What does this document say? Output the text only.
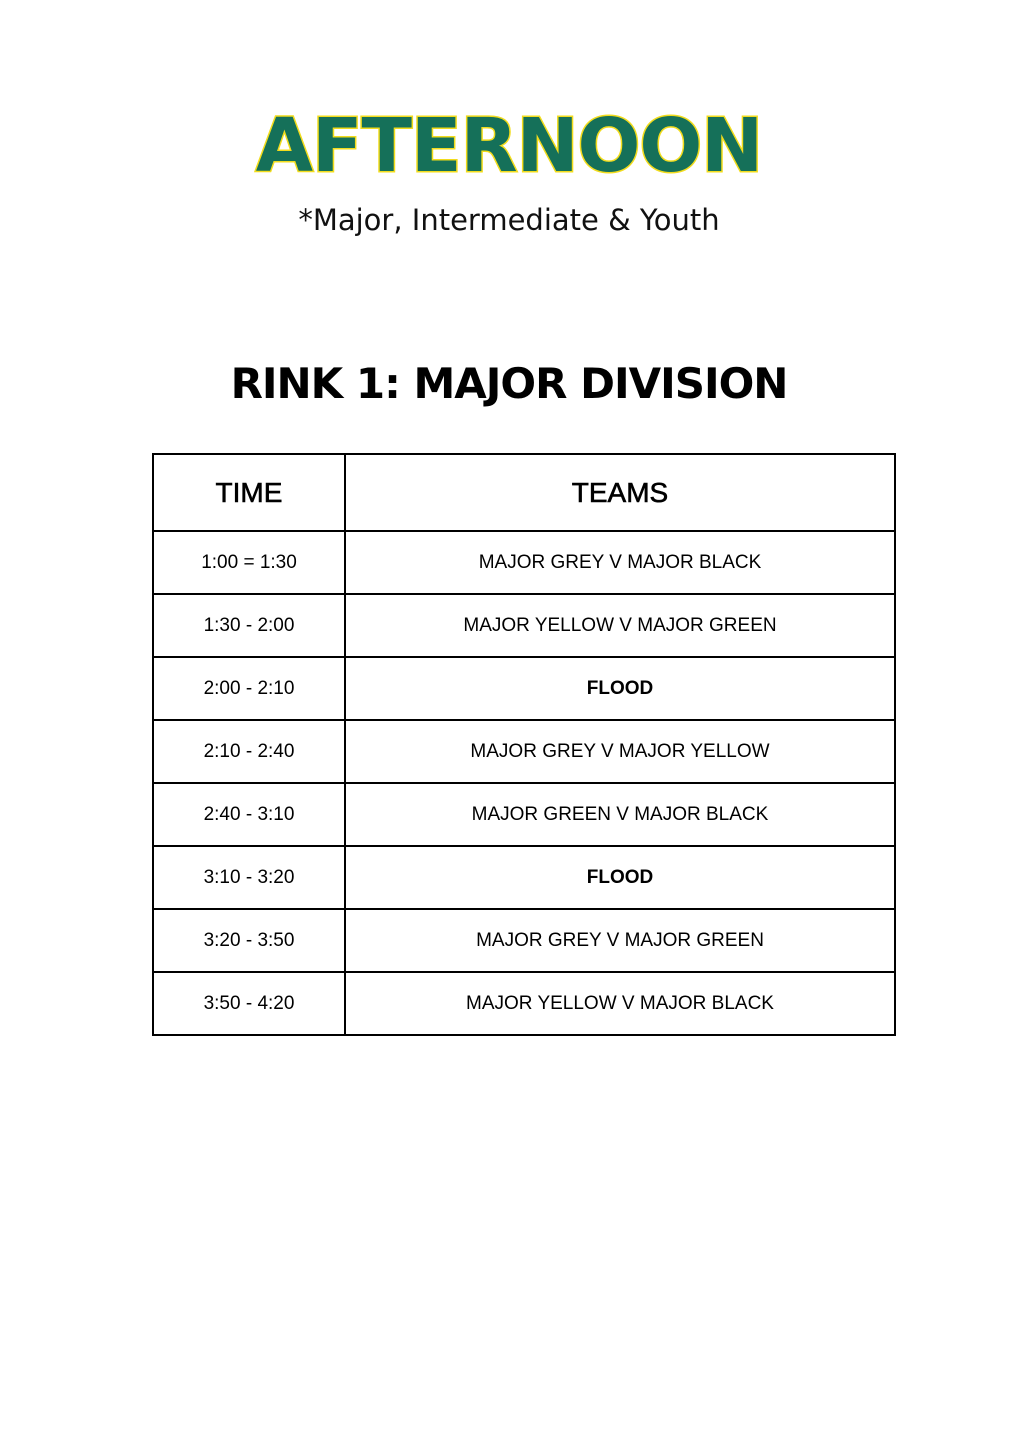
AFTERNOON
*Major, Intermediate & Youth
RINK 1: MAJOR DIVISION
TIME	TEAMS
1:00 = 1:30	MAJOR GREY V MAJOR BLACK
1:30 - 2:00	MAJOR YELLOW V MAJOR GREEN
2:00 - 2:10	FLOOD
2:10 - 2:40	MAJOR GREY V MAJOR YELLOW
2:40 - 3:10	MAJOR GREEN V MAJOR BLACK
3:10 - 3:20	FLOOD
3:20 - 3:50	MAJOR GREY V MAJOR GREEN
3:50 - 4:20	MAJOR YELLOW V MAJOR BLACK
